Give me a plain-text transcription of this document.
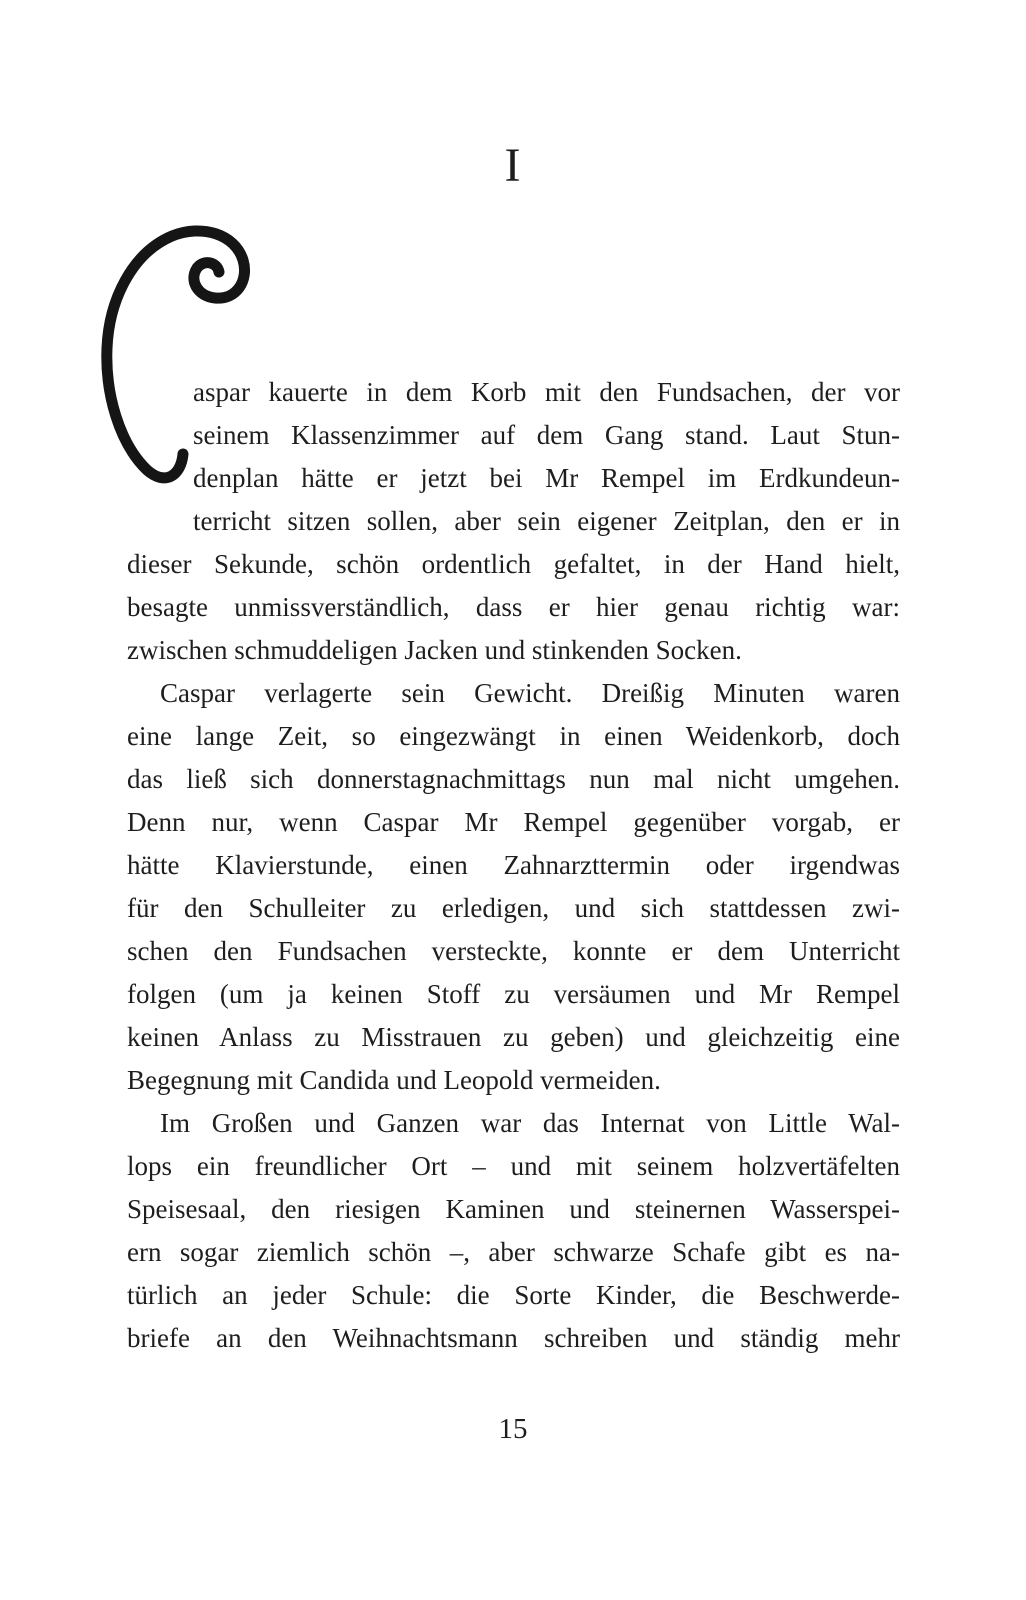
I
aspar kauerte in dem Korb mit den Fundsachen, der vor
seinem Klassenzimmer auf dem Gang stand. Laut Stun-
denplan hätte er jetzt bei Mr Rempel im Erdkundeun-
terricht sitzen sollen, aber sein eigener Zeitplan, den er in
dieser Sekunde, schön ordentlich gefaltet, in der Hand hielt,
besagte unmissverständlich, dass er hier genau richtig war:
zwischen schmuddeligen Jacken und stinkenden Socken.
Caspar verlagerte sein Gewicht. Dreißig Minuten waren
eine lange Zeit, so eingezwängt in einen Weidenkorb, doch
das ließ sich donnerstagnachmittags nun mal nicht umgehen.
Denn nur, wenn Caspar Mr Rempel gegenüber vorgab, er
hätte Klavierstunde, einen Zahnarzttermin oder irgendwas
für den Schulleiter zu erledigen, und sich stattdessen zwi-
schen den Fundsachen versteckte, konnte er dem Unterricht
folgen (um ja keinen Stoff zu versäumen und Mr Rempel
keinen Anlass zu Misstrauen zu geben) und gleichzeitig eine
Begegnung mit Candida und Leopold vermeiden.
Im Großen und Ganzen war das Internat von Little Wal-
lops ein freundlicher Ort – und mit seinem holzvertäfelten
Speisesaal, den riesigen Kaminen und steinernen Wasserspei-
ern sogar ziemlich schön –, aber schwarze Schafe gibt es na-
türlich an jeder Schule: die Sorte Kinder, die Beschwerde-
briefe an den Weihnachtsmann schreiben und ständig mehr
15
